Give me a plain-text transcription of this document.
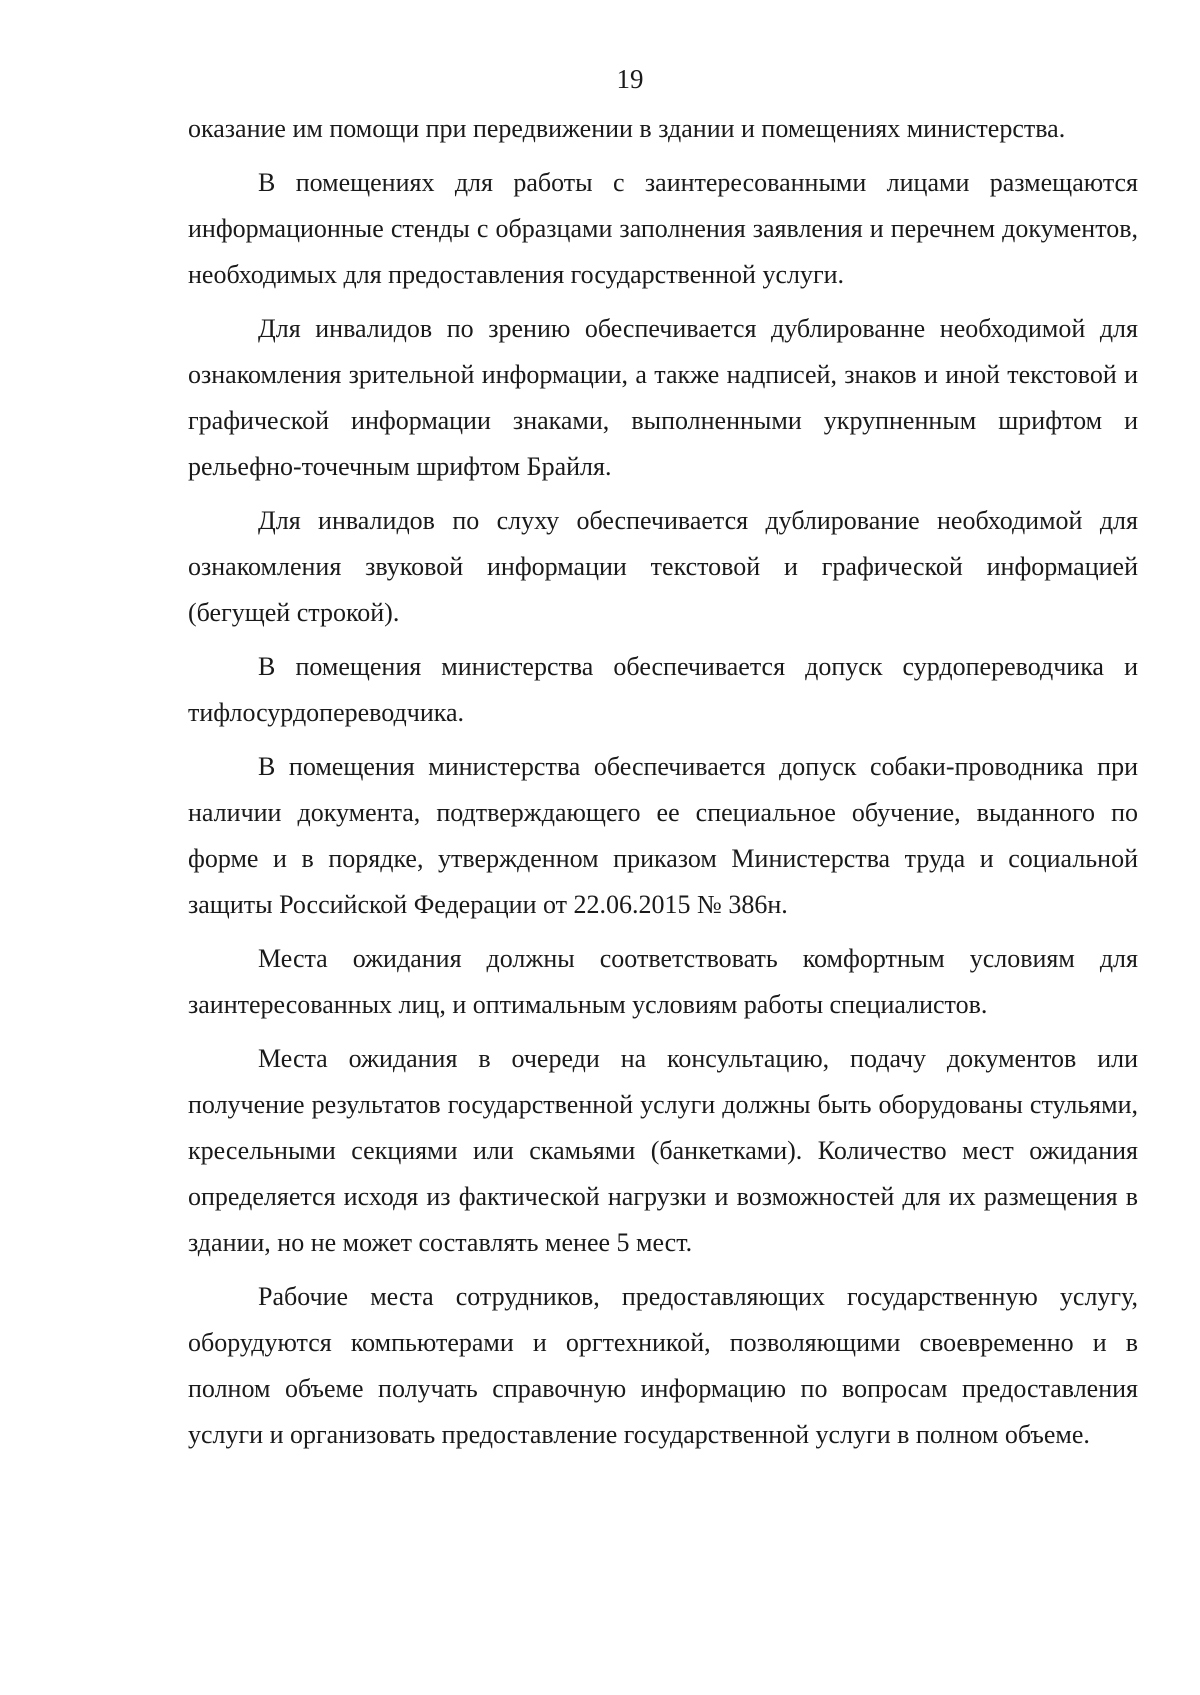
19

оказание им помощи при передвижении в здании и помещениях министерства.

В помещениях для работы с заинтересованными лицами размещаются информационные стенды с образцами заполнения заявления и перечнем документов, необходимых для предоставления государственной услуги.

Для инвалидов по зрению обеспечивается дублированне необходимой для ознакомления зрительной информации, а также надписей, знаков и иной текстовой и графической информации знаками, выполненными укрупненным шрифтом и рельефно-точечным шрифтом Брайля.

Для инвалидов по слуху обеспечивается дублирование необходимой для ознакомления звуковой информации текстовой и графической информацией (бегущей строкой).

В помещения министерства обеспечивается допуск сурдопереводчика и тифлосурдопереводчика.

В помещения министерства обеспечивается допуск собаки-проводника при наличии документа, подтверждающего ее специальное обучение, выданного по форме и в порядке, утвержденном приказом Министерства труда и социальной защиты Российской Федерации от 22.06.2015 № 386н.

Места ожидания должны соответствовать комфортным условиям для заинтересованных лиц, и оптимальным условиям работы специалистов.

Места ожидания в очереди на консультацию, подачу документов или получение результатов государственной услуги должны быть оборудованы стульями, кресельными секциями или скамьями (банкетками). Количество мест ожидания определяется исходя из фактической нагрузки и возможностей для их размещения в здании, но не может составлять менее 5 мест.

Рабочие места сотрудников, предоставляющих государственную услугу, оборудуются компьютерами и оргтехникой, позволяющими своевременно и в полном объеме получать справочную информацию по вопросам предоставления услуги и организовать предоставление государственной услуги в полном объеме.
